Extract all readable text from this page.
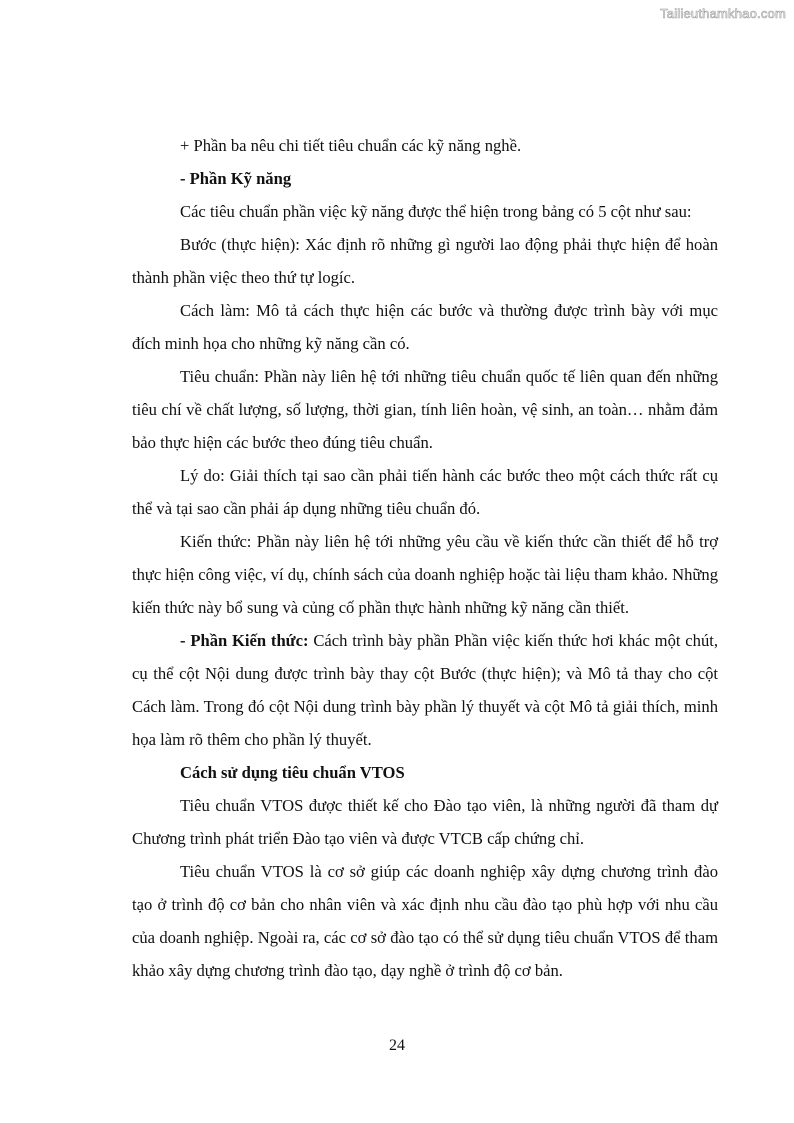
Tailieuthamkhao.com

+ Phần ba nêu chi tiết tiêu chuẩn các kỹ năng nghề.

- Phần Kỹ năng

Các tiêu chuẩn phần việc kỹ năng được thể hiện trong bảng có 5 cột như sau:

Bước (thực hiện): Xác định rõ những gì người lao động phải thực hiện để hoàn thành phần việc theo thứ tự logíc.

Cách làm: Mô tả cách thực hiện các bước và thường được trình bày với mục đích minh họa cho những kỹ năng cần có.

Tiêu chuẩn: Phần này liên hệ tới những tiêu chuẩn quốc tế liên quan đến những tiêu chí về chất lượng, số lượng, thời gian, tính liên hoàn, vệ sinh, an toàn… nhằm đảm bảo thực hiện các bước theo đúng tiêu chuẩn.

Lý do: Giải thích tại sao cần phải tiến hành các bước theo một cách thức rất cụ thể và tại sao cần phải áp dụng những tiêu chuẩn đó.

Kiến thức: Phần này liên hệ tới những yêu cầu về kiến thức cần thiết để hỗ trợ thực hiện công việc, ví dụ, chính sách của doanh nghiệp hoặc tài liệu tham khảo. Những kiến thức này bổ sung và củng cố phần thực hành những kỹ năng cần thiết.

- Phần Kiến thức: Cách trình bày phần Phần việc kiến thức hơi khác một chút, cụ thể cột Nội dung được trình bày thay cột Bước (thực hiện); và Mô tả thay cho cột Cách làm. Trong đó cột Nội dung trình bày phần lý thuyết và cột Mô tả giải thích, minh họa làm rõ thêm cho phần lý thuyết.

Cách sử dụng tiêu chuẩn VTOS

Tiêu chuẩn VTOS được thiết kế cho Đào tạo viên, là những người đã tham dự Chương trình phát triển Đào tạo viên và được VTCB cấp chứng chỉ.

Tiêu chuẩn VTOS là cơ sở giúp các doanh nghiệp xây dựng chương trình đào tạo ở trình độ cơ bản cho nhân viên và xác định nhu cầu đào tạo phù hợp với nhu cầu của doanh nghiệp. Ngoài ra, các cơ sở đào tạo có thể sử dụng tiêu chuẩn VTOS để tham khảo xây dựng chương trình đào tạo, dạy nghề ở trình độ cơ bản.

24
